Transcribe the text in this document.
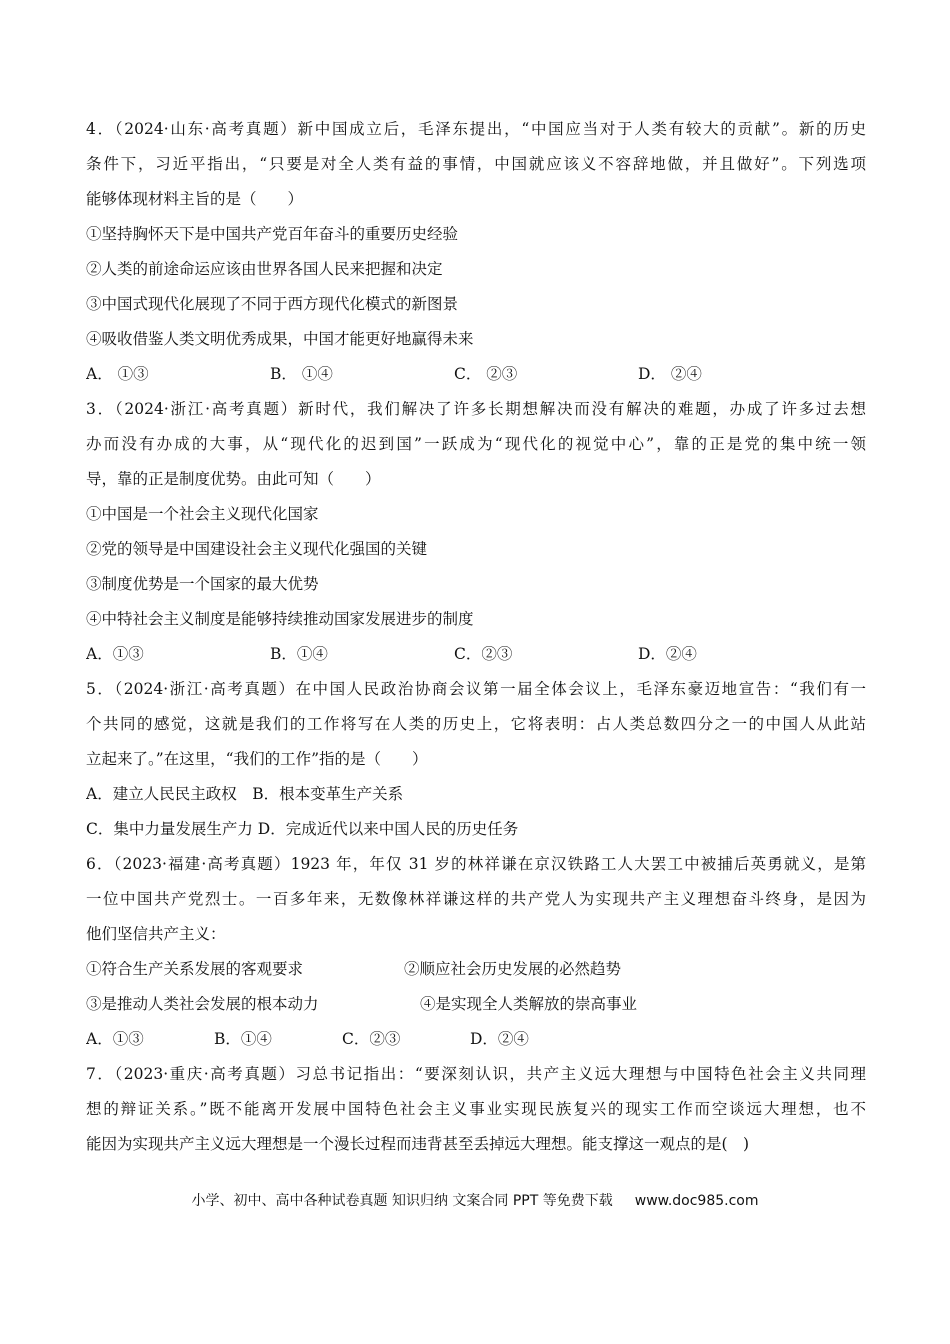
4．（2024·山东·高考真题）新中国成立后，毛泽东提出，“中国应当对于人类有较大的贡献”。新的历史
条件下，习近平指出，“只要是对全人类有益的事情，中国就应该义不容辞地做，并且做好”。下列选项
能够体现材料主旨的是（　　）
①坚持胸怀天下是中国共产党百年奋斗的重要历史经验
②人类的前途命运应该由世界各国人民来把握和决定
③中国式现代化展现了不同于西方现代化模式的新图景
④吸收借鉴人类文明优秀成果，中国才能更好地赢得未来
A． ①③	B． ①④	C． ②③	D． ②④
3．（2024·浙江·高考真题）新时代，我们解决了许多长期想解决而没有解决的难题，办成了许多过去想
办而没有办成的大事，从“现代化的迟到国”一跃成为“现代化的视觉中心”，靠的正是党的集中统一领
导，靠的正是制度优势。由此可知（　　）
①中国是一个社会主义现代化国家
②党的领导是中国建设社会主义现代化强国的关键
③制度优势是一个国家的最大优势
④中特社会主义制度是能够持续推动国家发展进步的制度
A．①③	B．①④	C．②③	D．②④
5．（2024·浙江·高考真题）在中国人民政治协商会议第一届全体会议上，毛泽东豪迈地宣告：“我们有一
个共同的感觉，这就是我们的工作将写在人类的历史上，它将表明：占人类总数四分之一的中国人从此站
立起来了。”在这里，“我们的工作”指的是（　　）
A．建立人民民主政权　B．根本变革生产关系
C．集中力量发展生产力 D．完成近代以来中国人民的历史任务
6．（2023·福建·高考真题）1923 年，年仅 31 岁的林祥谦在京汉铁路工人大罢工中被捕后英勇就义，是第
一位中国共产党烈士。一百多年来，无数像林祥谦这样的共产党人为实现共产主义理想奋斗终身，是因为
他们坚信共产主义：
①符合生产关系发展的客观要求	②顺应社会历史发展的必然趋势
③是推动人类社会发展的根本动力	④是实现全人类解放的崇高事业
A．①③	B．①④	C．②③	D．②④
7．（2023·重庆·高考真题）习总书记指出：“要深刻认识，共产主义远大理想与中国特色社会主义共同理
想的辩证关系。”既不能离开发展中国特色社会主义事业实现民族复兴的现实工作而空谈远大理想，也不
能因为实现共产主义远大理想是一个漫长过程而违背甚至丢掉远大理想。能支撑这一观点的是(　)
小学、初中、高中各种试卷真题 知识归纳 文案合同 PPT 等免费下载 www.doc985.com
